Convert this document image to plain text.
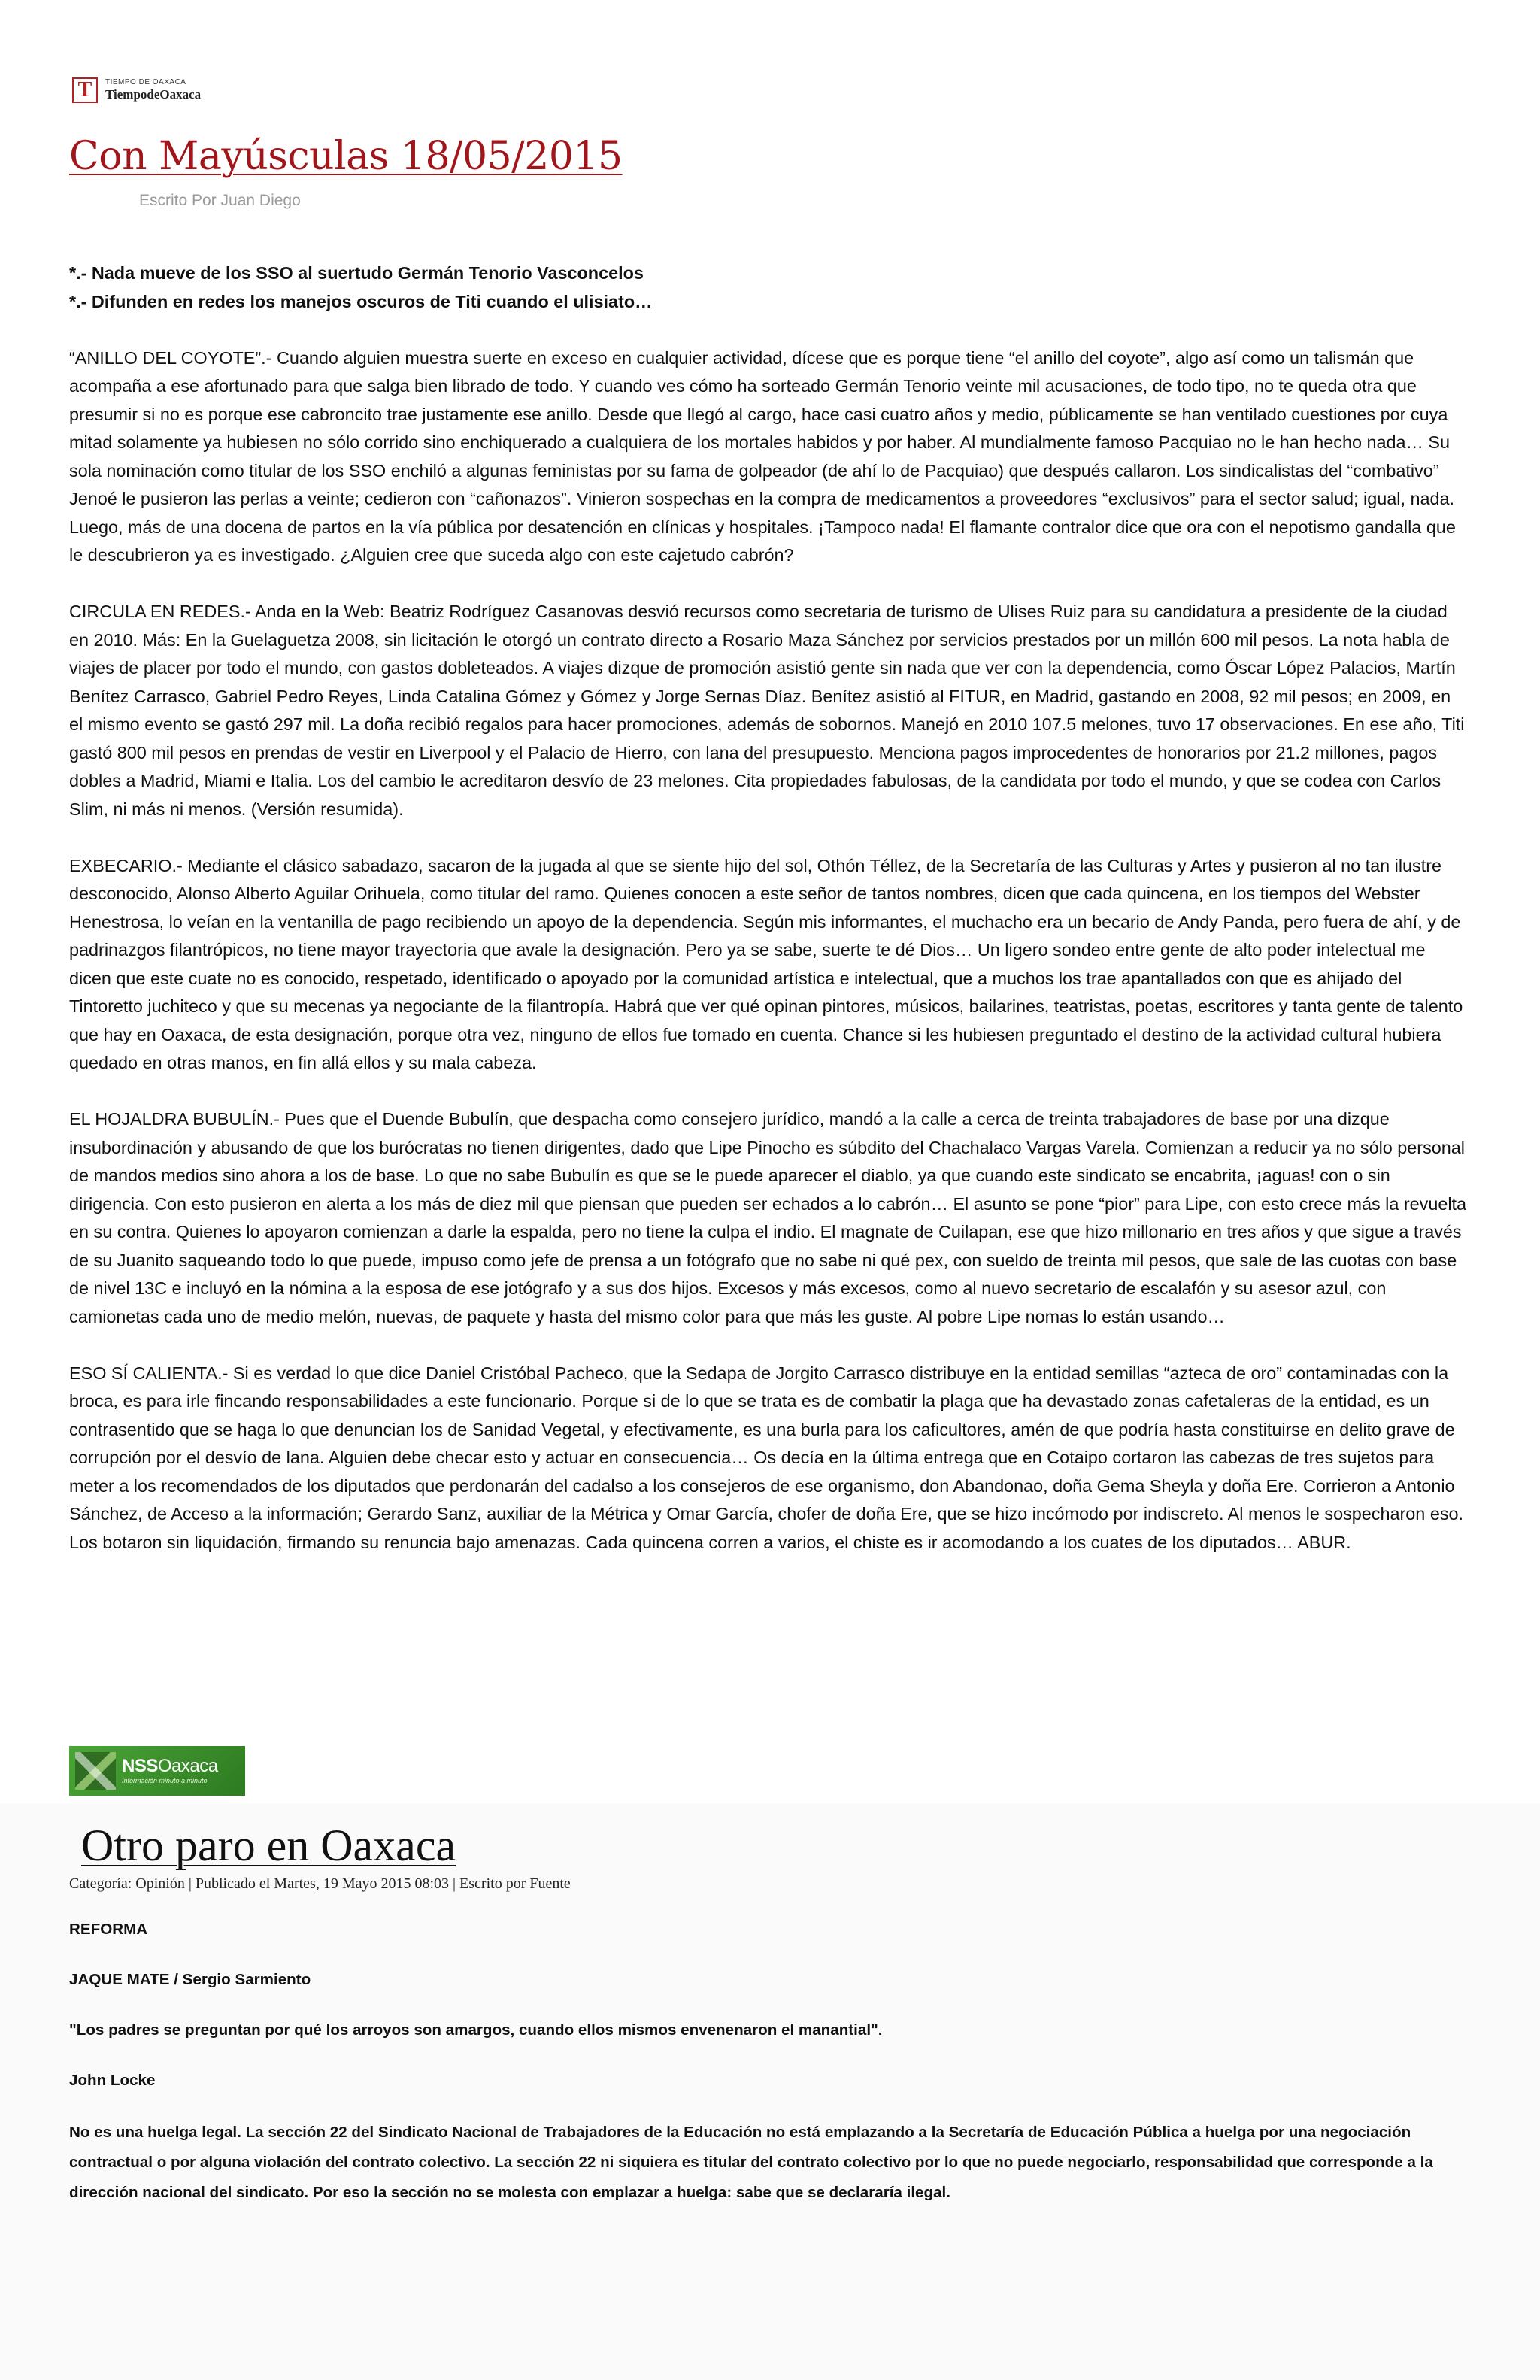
T	TIEMPO DE OAXACA
TiempodeOaxaca
Con Mayúsculas 18/05/2015
Escrito Por Juan Diego

*.- Nada mueve de los SSO al suertudo Germán Tenorio Vasconcelos

*.- Difunden en redes los manejos oscuros de Titi cuando el ulisiato…

“ANILLO DEL COYOTE”.- Cuando alguien muestra suerte en exceso en cualquier actividad, dícese que es porque tiene “el anillo del coyote”, algo así como un talismán que acompaña a ese afortunado para que salga bien librado de todo. Y cuando ves cómo ha sorteado Germán Tenorio veinte mil acusaciones, de todo tipo, no te queda otra que presumir si no es porque ese cabroncito trae justamente ese anillo. Desde que llegó al cargo, hace casi cuatro años y medio, públicamente se han ventilado cuestiones por cuya mitad solamente ya hubiesen no sólo corrido sino enchiquerado a cualquiera de los mortales habidos y por haber. Al mundialmente famoso Pacquiao no le han hecho nada… Su sola nominación como titular de los SSO enchiló a algunas feministas por su fama de golpeador (de ahí lo de Pacquiao) que después callaron. Los sindicalistas del “combativo” Jenoé le pusieron las perlas a veinte; cedieron con “cañonazos”. Vinieron sospechas en la compra de medicamentos a proveedores “exclusivos” para el sector salud; igual, nada. Luego, más de una docena de partos en la vía pública por desatención en clínicas y hospitales. ¡Tampoco nada! El flamante contralor dice que ora con el nepotismo gandalla que le descubrieron ya es investigado. ¿Alguien cree que suceda algo con este cajetudo cabrón?

CIRCULA EN REDES.- Anda en la Web: Beatriz Rodríguez Casanovas desvió recursos como secretaria de turismo de Ulises Ruiz para su candidatura a presidente de la ciudad en 2010. Más: En la Guelaguetza 2008, sin licitación le otorgó un contrato directo a Rosario Maza Sánchez por servicios prestados por un millón 600 mil pesos. La nota habla de viajes de placer por todo el mundo, con gastos dobleteados. A viajes dizque de promoción asistió gente sin nada que ver con la dependencia, como Óscar López Palacios, Martín Benítez Carrasco, Gabriel Pedro Reyes, Linda Catalina Gómez y Gómez y Jorge Sernas Díaz. Benítez asistió al FITUR, en Madrid, gastando en 2008, 92 mil pesos; en 2009, en el mismo evento se gastó 297 mil. La doña recibió regalos para hacer promociones, además de sobornos. Manejó en 2010 107.5 melones, tuvo 17 observaciones. En ese año, Titi gastó 800 mil pesos en prendas de vestir en Liverpool y el Palacio de Hierro, con lana del presupuesto. Menciona pagos improcedentes de honorarios por 21.2 millones, pagos dobles a Madrid, Miami e Italia. Los del cambio le acreditaron desvío de 23 melones. Cita propiedades fabulosas, de la candidata por todo el mundo, y que se codea con Carlos Slim, ni más ni menos. (Versión resumida).

EXBECARIO.- Mediante el clásico sabadazo, sacaron de la jugada al que se siente hijo del sol, Othón Téllez, de la Secretaría de las Culturas y Artes y pusieron al no tan ilustre desconocido, Alonso Alberto Aguilar Orihuela, como titular del ramo. Quienes conocen a este señor de tantos nombres, dicen que cada quincena, en los tiempos del Webster Henestrosa, lo veían en la ventanilla de pago recibiendo un apoyo de la dependencia. Según mis informantes, el muchacho era un becario de Andy Panda, pero fuera de ahí, y de padrinazgos filantrópicos, no tiene mayor trayectoria que avale la designación. Pero ya se sabe, suerte te dé Dios… Un ligero sondeo entre gente de alto poder intelectual me dicen que este cuate no es conocido, respetado, identificado o apoyado por la comunidad artística e intelectual, que a muchos los trae apantallados con que es ahijado del Tintoretto juchiteco y que su mecenas ya negociante de la filantropía. Habrá que ver qué opinan pintores, músicos, bailarines, teatristas, poetas, escritores y tanta gente de talento que hay en Oaxaca, de esta designación, porque otra vez, ninguno de ellos fue tomado en cuenta. Chance si les hubiesen preguntado el destino de la actividad cultural hubiera quedado en otras manos, en fin allá ellos y su mala cabeza.

EL HOJALDRA BUBULÍN.- Pues que el Duende Bubulín, que despacha como consejero jurídico, mandó a la calle a cerca de treinta trabajadores de base por una dizque insubordinación y abusando de que los burócratas no tienen dirigentes, dado que Lipe Pinocho es súbdito del Chachalaco Vargas Varela. Comienzan a reducir ya no sólo personal de mandos medios sino ahora a los de base. Lo que no sabe Bubulín es que se le puede aparecer el diablo, ya que cuando este sindicato se encabrita, ¡aguas! con o sin dirigencia. Con esto pusieron en alerta a los más de diez mil que piensan que pueden ser echados a lo cabrón… El asunto se pone “pior” para Lipe, con esto crece más la revuelta en su contra. Quienes lo apoyaron comienzan a darle la espalda, pero no tiene la culpa el indio. El magnate de Cuilapan, ese que hizo millonario en tres años y que sigue a través de su Juanito saqueando todo lo que puede, impuso como jefe de prensa a un fotógrafo que no sabe ni qué pex, con sueldo de treinta mil pesos, que sale de las cuotas con base de nivel 13C e incluyó en la nómina a la esposa de ese jotógrafo y a sus dos hijos. Excesos y más excesos, como al nuevo secretario de escalafón y su asesor azul, con camionetas cada uno de medio melón, nuevas, de paquete y hasta del mismo color para que más les guste. Al pobre Lipe nomas lo están usando…

ESO SÍ CALIENTA.- Si es verdad lo que dice Daniel Cristóbal Pacheco, que la Sedapa de Jorgito Carrasco distribuye en la entidad semillas “azteca de oro” contaminadas con la broca, es para irle fincando responsabilidades a este funcionario. Porque si de lo que se trata es de combatir la plaga que ha devastado zonas cafetaleras de la entidad, es un contrasentido que se haga lo que denuncian los de Sanidad Vegetal, y efectivamente, es una burla para los caficultores, amén de que podría hasta constituirse en delito grave de corrupción por el desvío de lana. Alguien debe checar esto y actuar en consecuencia… Os decía en la última entrega que en Cotaipo cortaron las cabezas de tres sujetos para meter a los recomendados de los diputados que perdonarán del cadalso a los consejeros de ese organismo, don Abandonao, doña Gema Sheyla y doña Ere. Corrieron a Antonio Sánchez, de Acceso a la información; Gerardo Sanz, auxiliar de la Métrica y Omar García, chofer de doña Ere, que se hizo incómodo por indiscreto. Al menos le sospecharon eso. Los botaron sin liquidación, firmando su renuncia bajo amenazas. Cada quincena corren a varios, el chiste es ir acomodando a los cuates de los diputados… ABUR.

NSSOaxaca
Información minuto a minuto
Otro paro en Oaxaca
Categoría: Opinión | Publicado el Martes, 19 Mayo 2015 08:03 | Escrito por Fuente

REFORMA

JAQUE MATE / Sergio Sarmiento

"Los padres se preguntan por qué los arroyos son amargos, cuando ellos mismos envenenaron el manantial".

John Locke

No es una huelga legal. La sección 22 del Sindicato Nacional de Trabajadores de la Educación no está emplazando a la Secretaría de Educación Pública a huelga por una negociación contractual o por alguna violación del contrato colectivo. La sección 22 ni siquiera es titular del contrato colectivo por lo que no puede negociarlo, responsabilidad que corresponde a la dirección nacional del sindicato. Por eso la sección no se molesta con emplazar a huelga: sabe que se declararía ilegal.
